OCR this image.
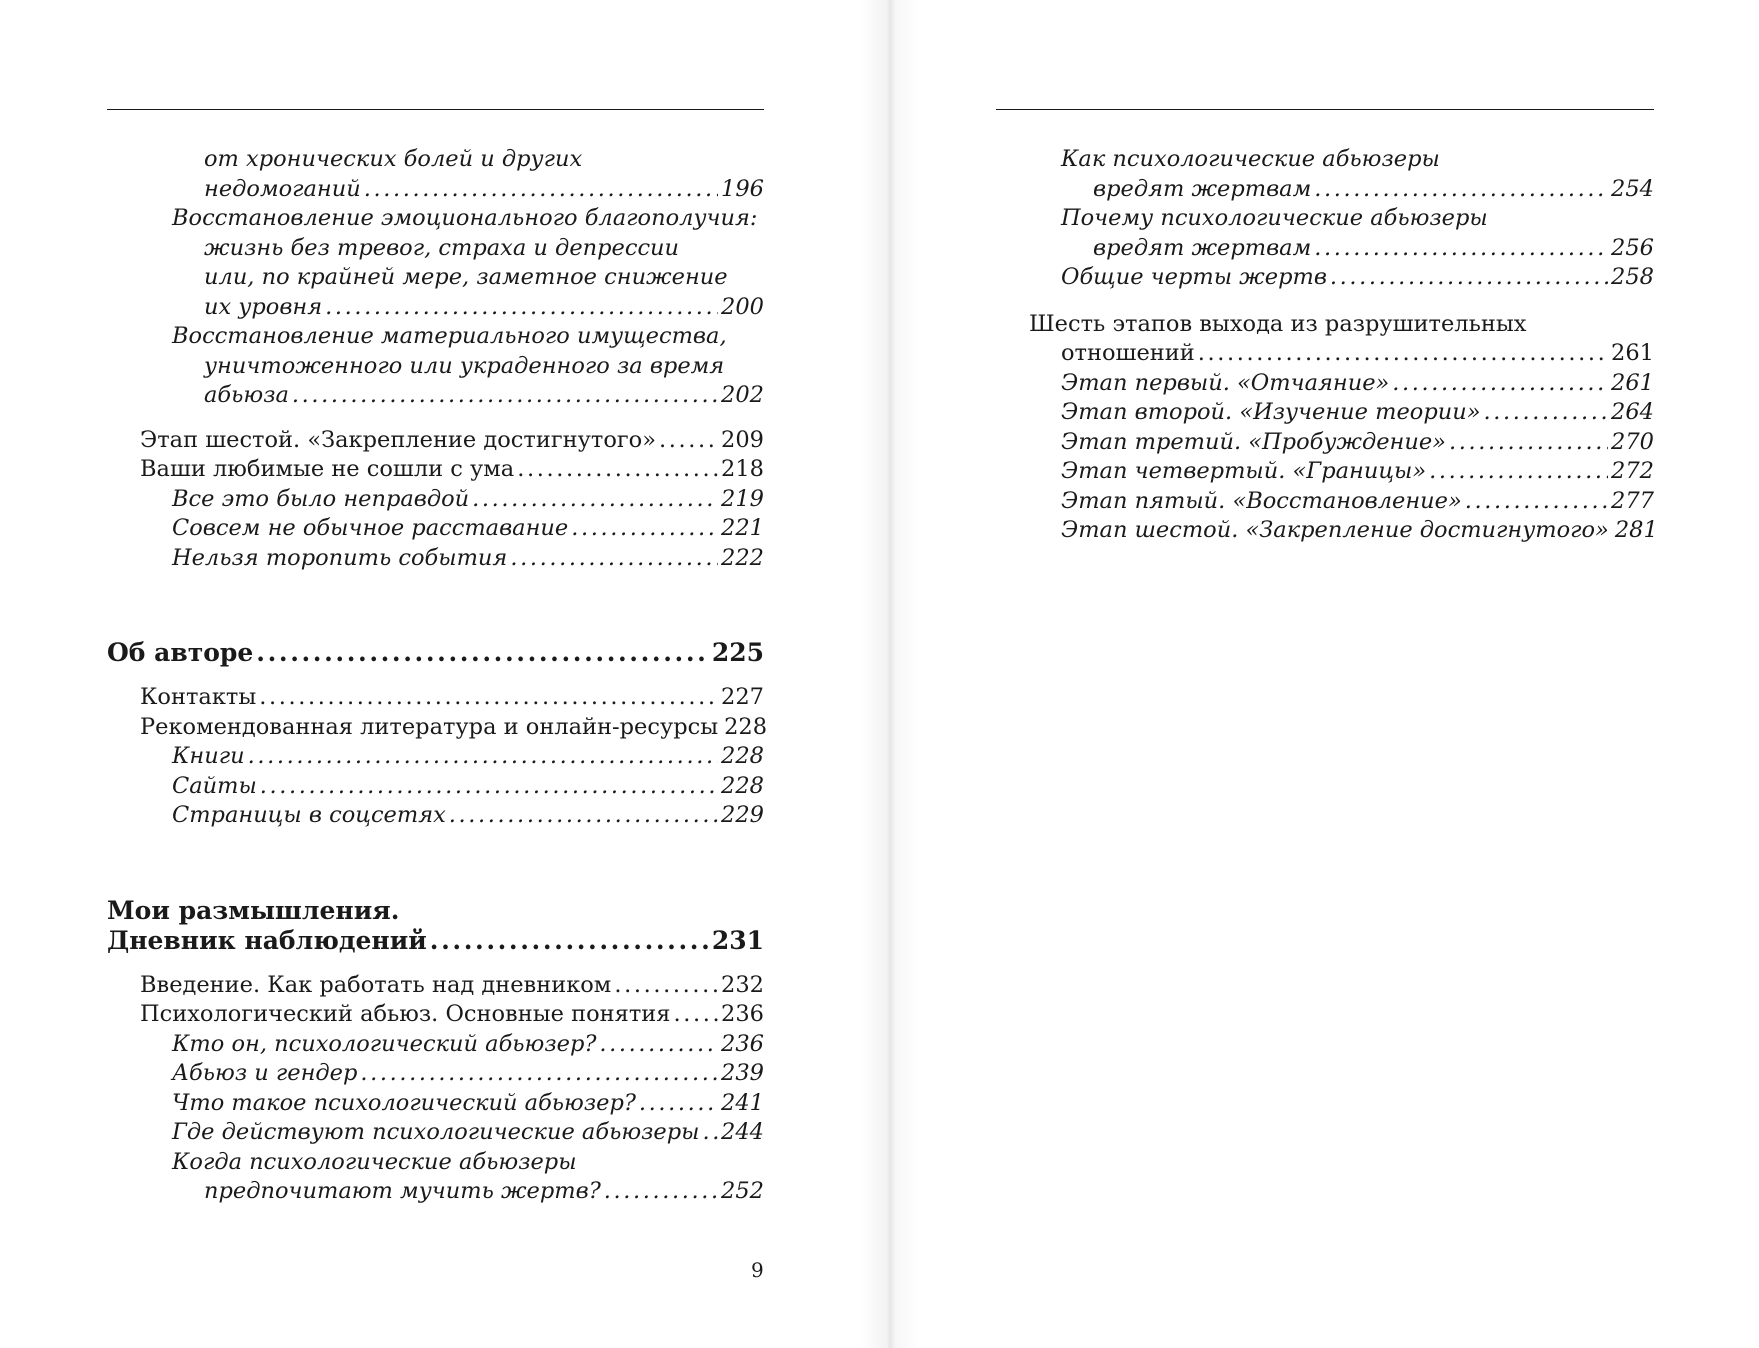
от хронических болей и других
недомоганий .....	196
Восстановление эмоционального благополучия:
жизнь без тревог, страха и депрессии
или, по крайней мере, заметное снижение
их уровня .....	200
Восстановление материального имущества,
уничтоженного или украденного за время
абьюза .....	202
Этап шестой. «Закрепление достигнутого» .....	209
Ваши любимые не сошли с ума .....	218
Все это было неправдой .....	219
Совсем не обычное расставание .....	221
Нельзя торопить события .....	222
Об авторе .....	225
Контакты .....	227
Рекомендованная литература и онлайн-ресурсы 228
Книги .....	228
Сайты .....	228
Страницы в соцсетях .....	229
Мои размышления.
Дневник наблюдений .....	231
Введение. Как работать над дневником .....	232
Психологический абьюз. Основные понятия ..... 236
Кто он, психологический абьюзер? .....	236
Абьюз и гендер .....	239
Что такое психологический абьюзер? .....	241
Где действуют психологические абьюзеры ..... 244
Когда психологические абьюзеры
предпочитают мучить жертв? .....	252
9
Как психологические абьюзеры
вредят жертвам .....	254
Почему психологические абьюзеры
вредят жертвам .....	256
Общие черты жертв .....	258
Шесть этапов выхода из разрушительных
отношений .....	261
Этап первый. «Отчаяние» .....	261
Этап второй. «Изучение теории» .....	264
Этап третий. «Пробуждение» .....	270
Этап четвертый. «Границы» .....	272
Этап пятый. «Восстановление» .....	277
Этап шестой. «Закрепление достигнутого» 281
